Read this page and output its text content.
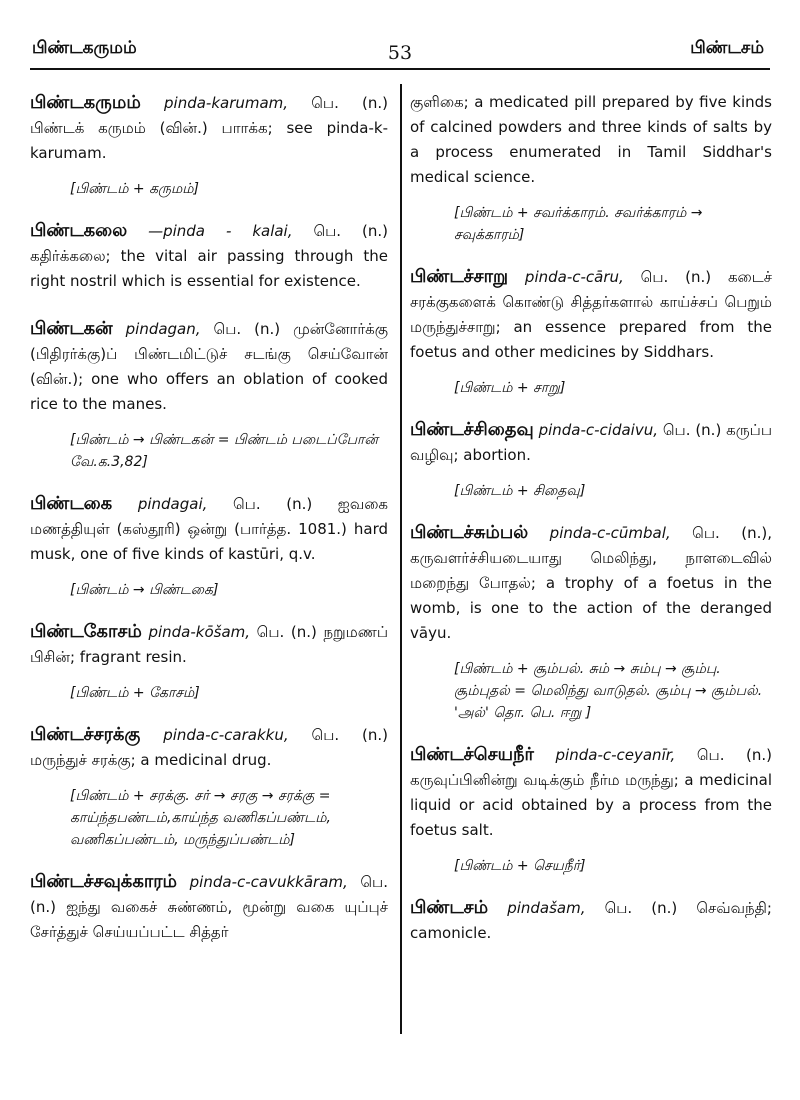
பிண்டகருமம்	53	பிண்டசம்
பிண்டகருமம் pinda-karumam, பெ. (n.) பிண்டக் கருமம் (வின்.) பாாக்க; see pinda-k-karumam.
[பிண்டம் + கருமம்]
பிண்டகலை —pinda - kalai, பெ. (n.) கதிர்க்கலை; the vital air passing through the right nostril which is essential for existence.
பிண்டகன் pindagan, பெ. (n.) முன்னோர்க்கு (பிதிரர்க்கு)ப் பிண்டமிட்டுச் சடங்கு செய்வோன் (வின்.); one who offers an oblation of cooked rice to the manes.
[பிண்டம் → பிண்டகன் = பிண்டம் படைப்போன் வே.க.3,82]
பிண்டகை pindagai, பெ. (n.) ஐவகை மணத்தியுள் (கஸ்தூரி) ஒன்று (பார்த்த. 1081.) hard musk, one of five kinds of kastūri, q.v.
[பிண்டம் → பிண்டகை]
பிண்டகோசம் pinda-kōšam, பெ. (n.) நறுமணப் பிசின்; fragrant resin.
[பிண்டம் + கோசம்]
பிண்டச்சரக்கு pinda-c-carakku, பெ. (n.) மருந்துச் சரக்கு; a medicinal drug.
[பிண்டம் + சரக்கு. சர் → சரகு → சரக்கு = காய்ந்தபண்டம்,காய்ந்த வணிகப்பண்டம், வணிகப்பண்டம், மருந்துப்பண்டம்]
பிண்டச்சவுக்காரம் pinda-c-cavukkāram, பெ. (n.) ஐந்து வகைச் சுண்ணம், மூன்று வகை யுப்புச் சேர்த்துச் செய்யப்பட்ட சித்தர்
குளிகை; a medicated pill prepared by five kinds of calcined powders and three kinds of salts by a process enumerated in Tamil Siddhar's medical science.
[பிண்டம் + சவர்க்காரம். சவர்க்காரம் → சவுக்காரம்]
பிண்டச்சாறு pinda-c-cāru, பெ. (n.) கடைச் சரக்குகளைக் கொண்டு சித்தர்களால் காய்ச்சப் பெறும் மருந்துச்சாறு; an essence prepared from the foetus and other medicines by Siddhars.
[பிண்டம் + சாறு]
பிண்டச்சிதைவு pinda-c-cidaivu, பெ. (n.) கருப்ப வழிவு; abortion.
[பிண்டம் + சிதைவு]
பிண்டச்சும்பல் pinda-c-cūmbal, பெ. (n.), கருவளர்ச்சியடையாது மெலிந்து, நாளடைவில் மறைந்து போதல்; a trophy of a foetus in the womb, is one to the action of the deranged vāyu.
[பிண்டம் + சூம்பல். சும் → சும்பு → சூம்பு. சூம்புதல் = மெலிந்து வாடுதல். சூம்பு → சூம்பல். 'அல்' தொ. பெ. ஈறு ]
பிண்டச்செயநீர் pinda-c-ceyanīr, பெ. (n.) கருவுப்பினின்று வடிக்கும் நீர்ம மருந்து; a medicinal liquid or acid obtained by a process from the foetus salt.
[பிண்டம் + செயநீர்]
பிண்டசம் pindašam, பெ. (n.) செவ்வந்தி; camonicle.
